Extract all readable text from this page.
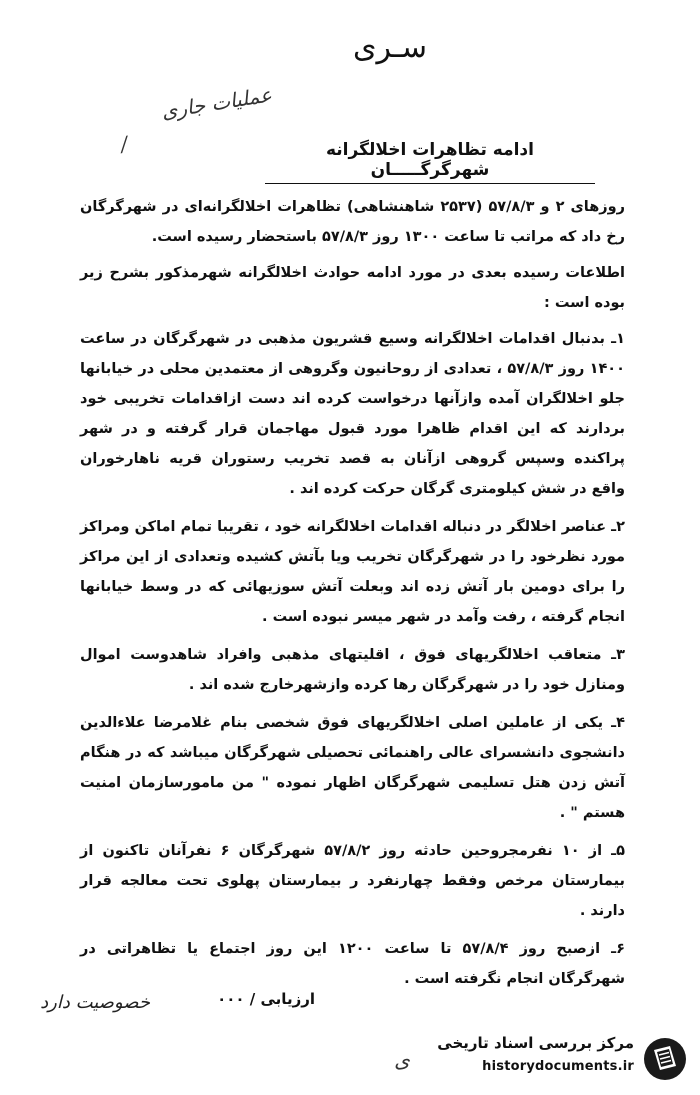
سـری
عملیات جاری
/	ادامه تظاهرات اخلالگرانه شهرگرگـــــان

روزهای ۲ و ۵۷/۸/۳ (۲۵۳۷ شاهنشاهی) تظاهرات اخلالگرانه‌ای در شهرگرگان رخ داد که مراتب تا ساعت ۱۳۰۰ روز ۵۷/۸/۳ باستحضار رسیده است.

اطلاعات رسیده بعدی در مورد ادامه حوادث اخلالگرانه شهرمذکور بشرح زیر بوده است :

۱ـ بدنبال اقدامات اخلالگرانه وسیع قشریون مذهبی در شهرگرگان در ساعت ۱۴۰۰ روز ۵۷/۸/۳ ، تعدادی از روحانیون وگروهی از معتمدین محلی در خیابانها جلو اخلالگران آمده وازآنها درخواست کرده اند دست ازاقدامات تخریبی خود بردارند که این اقدام ظاهرا مورد قبول مهاجمان قرار گرفته و در شهر پراکنده وسپس گروهی ازآنان به قصد تخریب رستوران قریه ناهارخوران واقع در شش کیلومتری گرگان حرکت کرده اند .

۲ـ عناصر اخلالگر در دنباله اقدامات اخلالگرانه خود ، تقریبا تمام اماکن ومراکز مورد نظرخود را در شهرگرگان تخریب ویا بآتش کشیده وتعدادی از این مراکز را برای دومین بار آتش زده اند وبعلت آتش سوزیهائی که در وسط خیابانها انجام گرفته ، رفت وآمد در شهر میسر نبوده است .

۳ـ متعاقب اخلالگریهای فوق ، اقلیتهای مذهبی وافراد شاهدوست اموال ومنازل خود را در شهرگرگان رها کرده وازشهرخارج شده اند .

۴ـ یکی از عاملین اصلی اخلالگریهای فوق شخصی بنام غلامرضا علاءالدین دانشجوی دانشسرای عالی راهنمائی تحصیلی شهرگرگان میباشد که در هنگام آتش زدن هتل تسلیمی شهرگرگان اظهار نموده " من مامورسازمان امنیت هستم " .

۵ـ از ۱۰ نفرمجروحین حادثه روز ۵۷/۸/۲ شهرگرگان ۶ نفرآنان تاکنون از بیمارستان مرخص وفقط چهارنفرد ر بیمارستان پهلوی تحت معالجه قرار دارند .

۶ـ ازصبح روز ۵۷/۸/۴ تا ساعت ۱۲۰۰ این روز اجتماع یا تظاهراتی در شهرگرگان انجام نگرفته است .

ارزیابی / ۰۰۰
خصوصیت دارد
ی
مرکز بررسی اسناد تاریخی
historydocuments.ir
